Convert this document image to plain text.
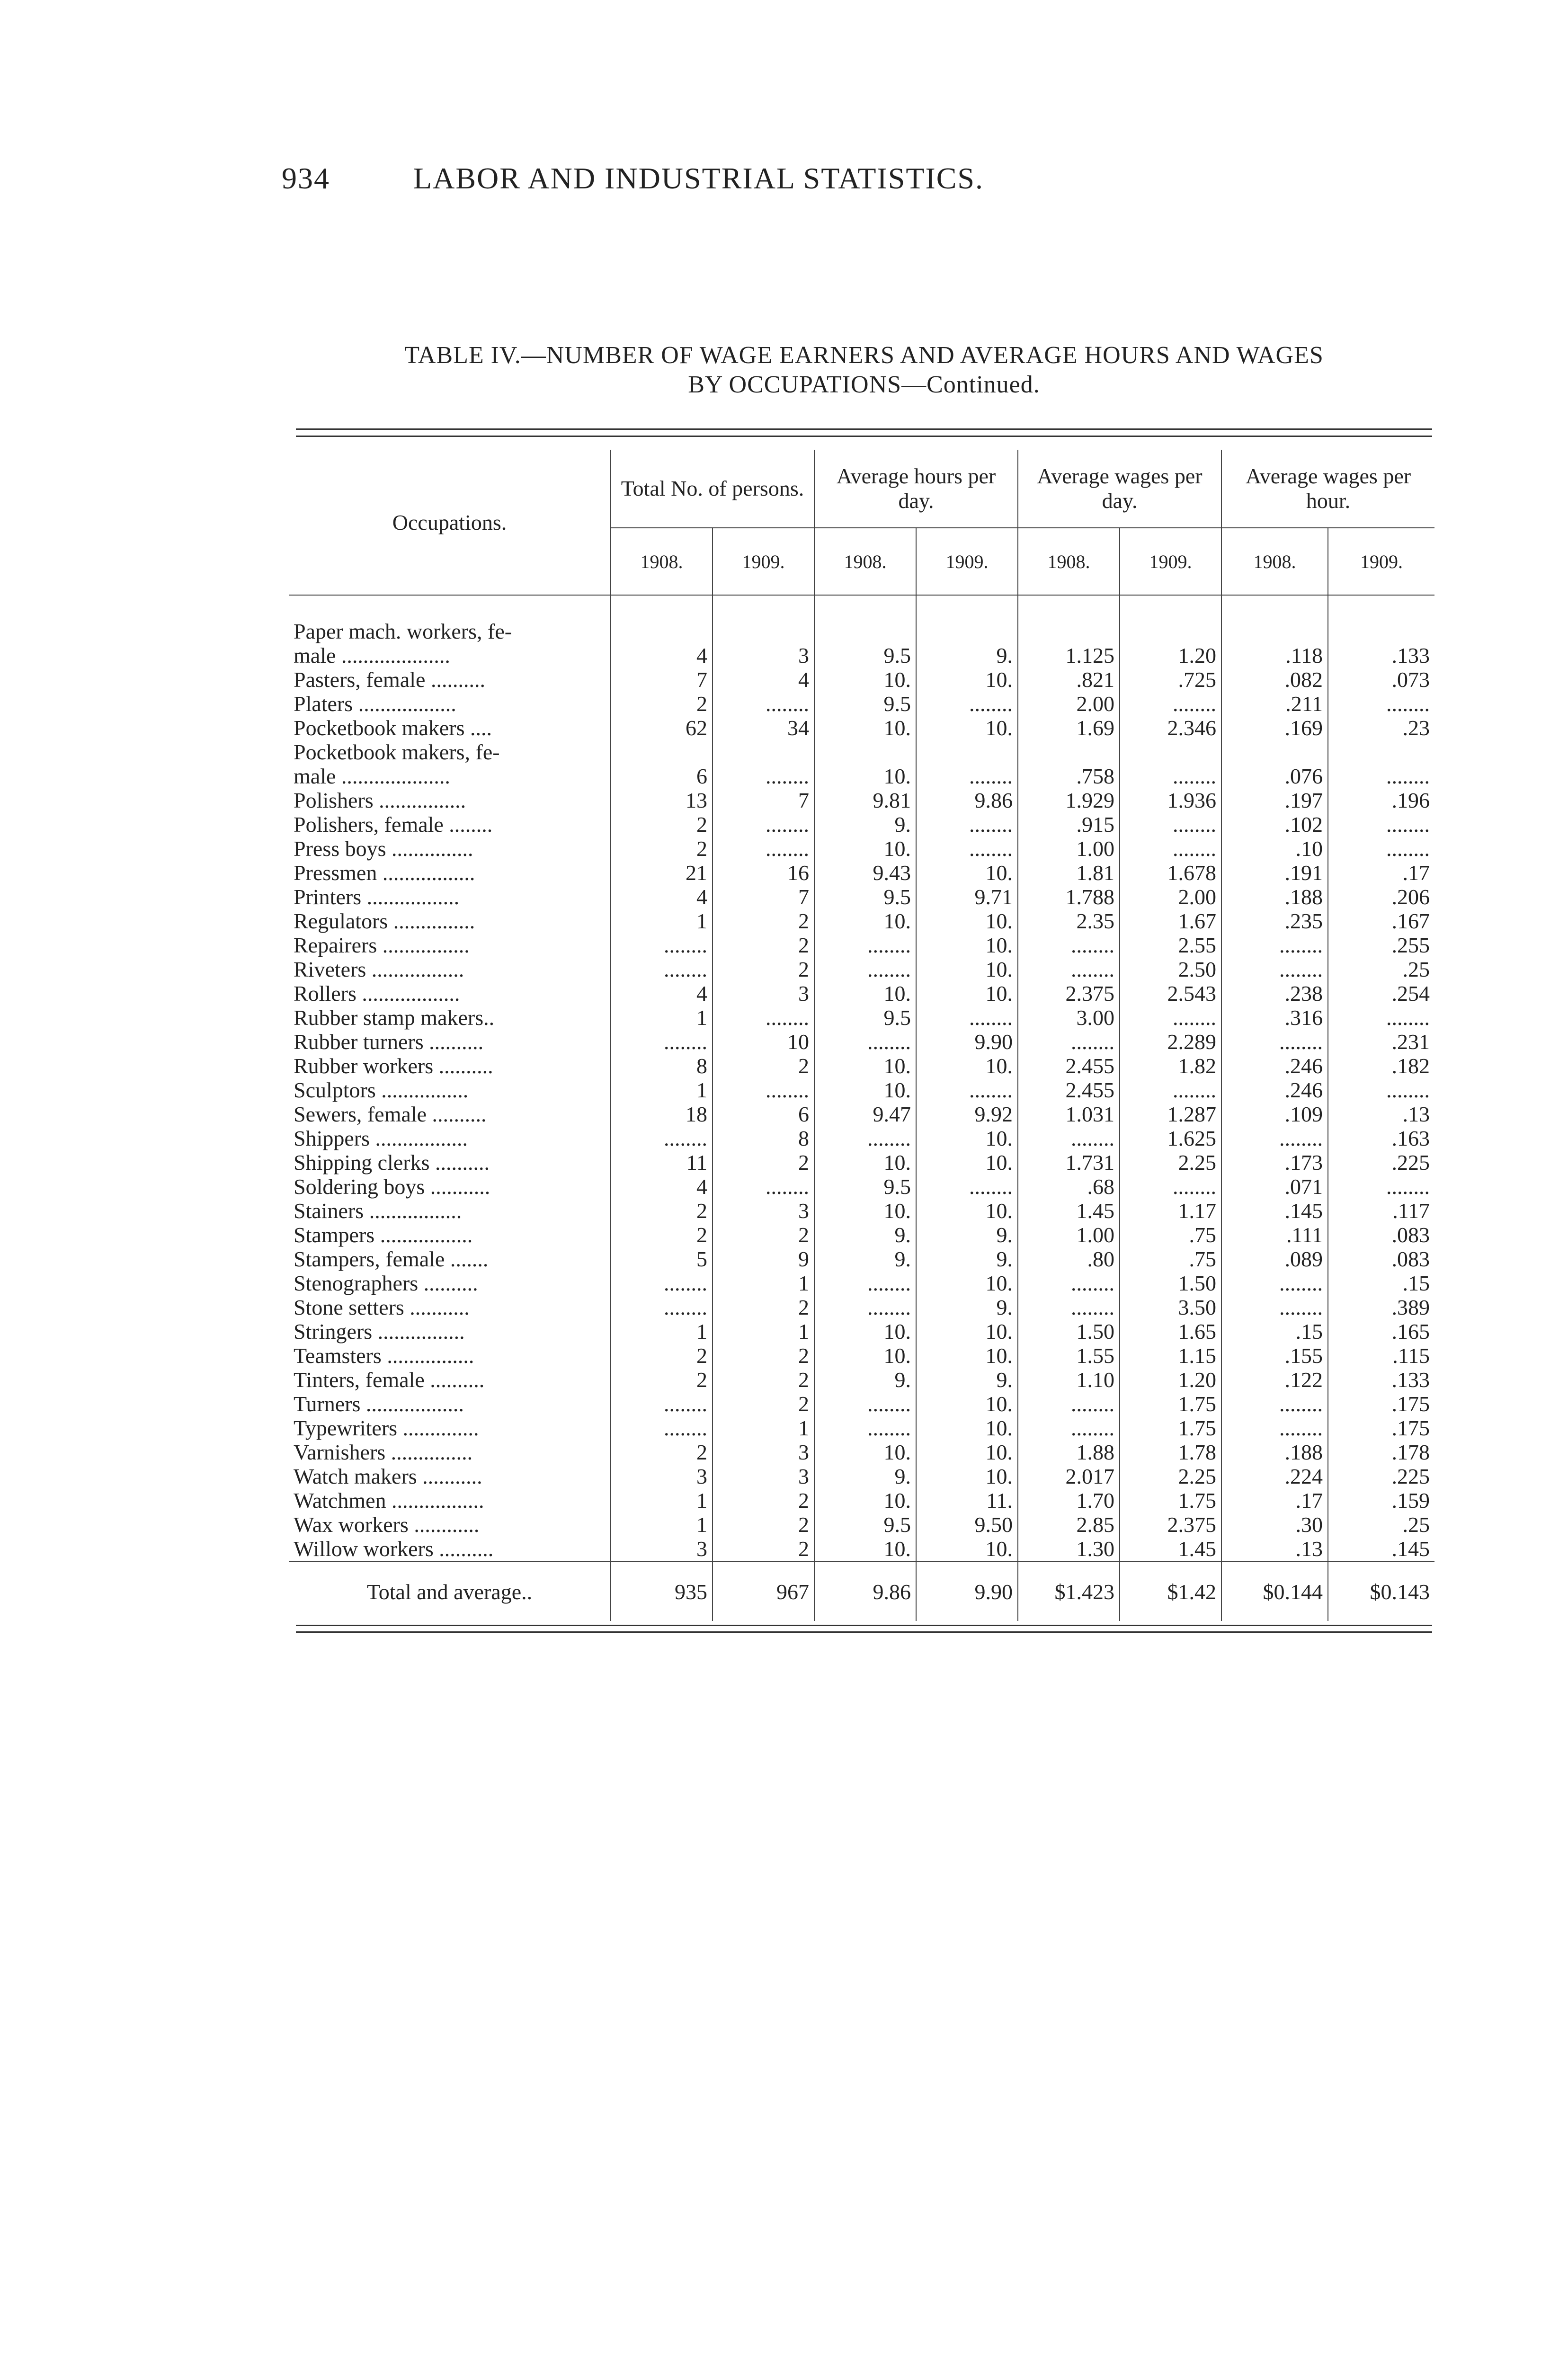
934	LABOR AND INDUSTRIAL STATISTICS.
TABLE IV.—NUMBER OF WAGE EARNERS AND AVERAGE HOURS AND WAGES
BY OCCUPATIONS—Continued.
Occupations.	Total No. of persons.		Average hours per day.		Average wages per day.		Average wages per hour.	
	1908.	1909.	1908.	1909.	1908.	1909.	1908.	1909.
Paper mach. workers, fe-								
male ....................	4	3	9.5	9.	1.125	1.20	.118	.133
Pasters, female ..........	7	4	10.	10.	.821	.725	.082	.073
Platers ..................	2	........	9.5	........	2.00	........	.211	........
Pocketbook makers ....	62	34	10.	10.	1.69	2.346	.169	.23
Pocketbook makers, fe-								
male ....................	6	........	10.	........	.758	........	.076	........
Polishers ................	13	7	9.81	9.86	1.929	1.936	.197	.196
Polishers, female ........	2	........	9.	........	.915	........	.102	........
Press boys ...............	2	........	10.	........	1.00	........	.10	........
Pressmen .................	21	16	9.43	10.	1.81	1.678	.191	.17
Printers .................	4	7	9.5	9.71	1.788	2.00	.188	.206
Regulators ...............	1	2	10.	10.	2.35	1.67	.235	.167
Repairers ................	........	2	........	10.	........	2.55	........	.255
Riveters .................	........	2	........	10.	........	2.50	........	.25
Rollers ..................	4	3	10.	10.	2.375	2.543	.238	.254
Rubber stamp makers..	1	........	9.5	........	3.00	........	.316	........
Rubber turners ..........	........	10	........	9.90	........	2.289	........	.231
Rubber workers ..........	8	2	10.	10.	2.455	1.82	.246	.182
Sculptors ................	1	........	10.	........	2.455	........	.246	........
Sewers, female ..........	18	6	9.47	9.92	1.031	1.287	.109	.13
Shippers .................	........	8	........	10.	........	1.625	........	.163
Shipping clerks ..........	11	2	10.	10.	1.731	2.25	.173	.225
Soldering boys ...........	4	........	9.5	........	.68	........	.071	........
Stainers .................	2	3	10.	10.	1.45	1.17	.145	.117
Stampers .................	2	2	9.	9.	1.00	.75	.111	.083
Stampers, female .......	5	9	9.	9.	.80	.75	.089	.083
Stenographers ..........	........	1	........	10.	........	1.50	........	.15
Stone setters ...........	........	2	........	9.	........	3.50	........	.389
Stringers ................	1	1	10.	10.	1.50	1.65	.15	.165
Teamsters ................	2	2	10.	10.	1.55	1.15	.155	.115
Tinters, female ..........	2	2	9.	9.	1.10	1.20	.122	.133
Turners ..................	........	2	........	10.	........	1.75	........	.175
Typewriters ..............	........	1	........	10.	........	1.75	........	.175
Varnishers ...............	2	3	10.	10.	1.88	1.78	.188	.178
Watch makers ...........	3	3	9.	10.	2.017	2.25	.224	.225
Watchmen .................	1	2	10.	11.	1.70	1.75	.17	.159
Wax workers ............	1	2	9.5	9.50	2.85	2.375	.30	.25
Willow workers ..........	3	2	10.	10.	1.30	1.45	.13	.145
Total and average..	935	967	9.86	9.90	$1.423	$1.42	$0.144	$0.143
